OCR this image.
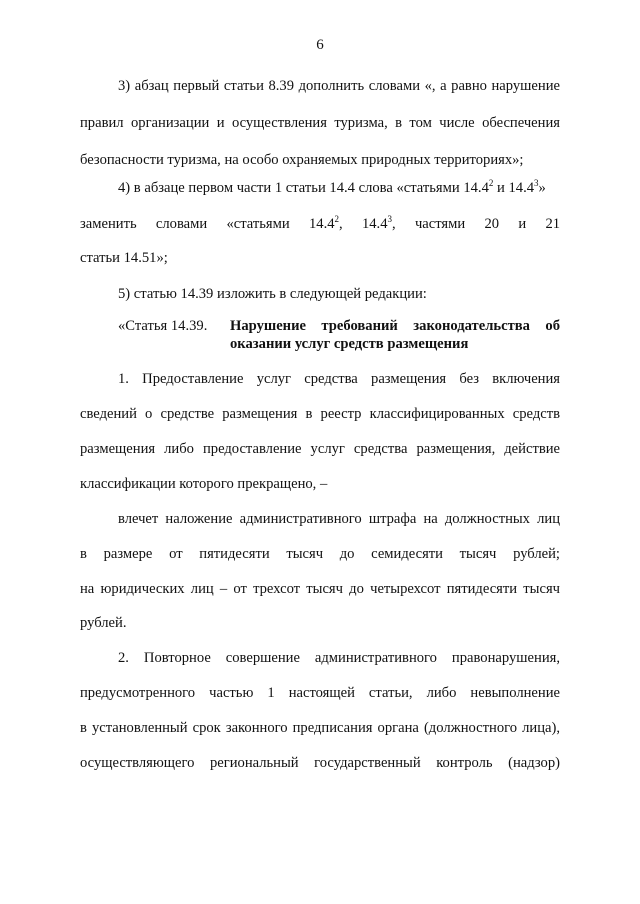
6
3) абзац первый статьи 8.39 дополнить словами «, а равно нарушение
правил организации и осуществления туризма, в том числе обеспечения
безопасности туризма, на особо охраняемых природных территориях»;
4) в абзаце первом части 1 статьи 14.4 слова «статьями 14.4$^2$ и 14.4$^3$»
заменить словами «статьями 14.4$^2$, 14.4$^3$, частями 20 и 21
статьи 14.51»;
5) статью 14.39 изложить в следующей редакции:
«Статья 14.39. Нарушение требований законодательства об
оказании услуг средств размещения
1. Предоставление услуг средства размещения без включения
сведений о средстве размещения в реестр классифицированных средств
размещения либо предоставление услуг средства размещения, действие
классификации которого прекращено, –
влечет наложение административного штрафа на должностных лиц
в размере от пятидесяти тысяч до семидесяти тысяч рублей;
на юридических лиц – от трехсот тысяч до четырехсот пятидесяти тысяч
рублей.
2. Повторное совершение административного правонарушения,
предусмотренного частью 1 настоящей статьи, либо невыполнение
в установленный срок законного предписания органа (должностного лица),
осуществляющего региональный государственный контроль (надзор)
